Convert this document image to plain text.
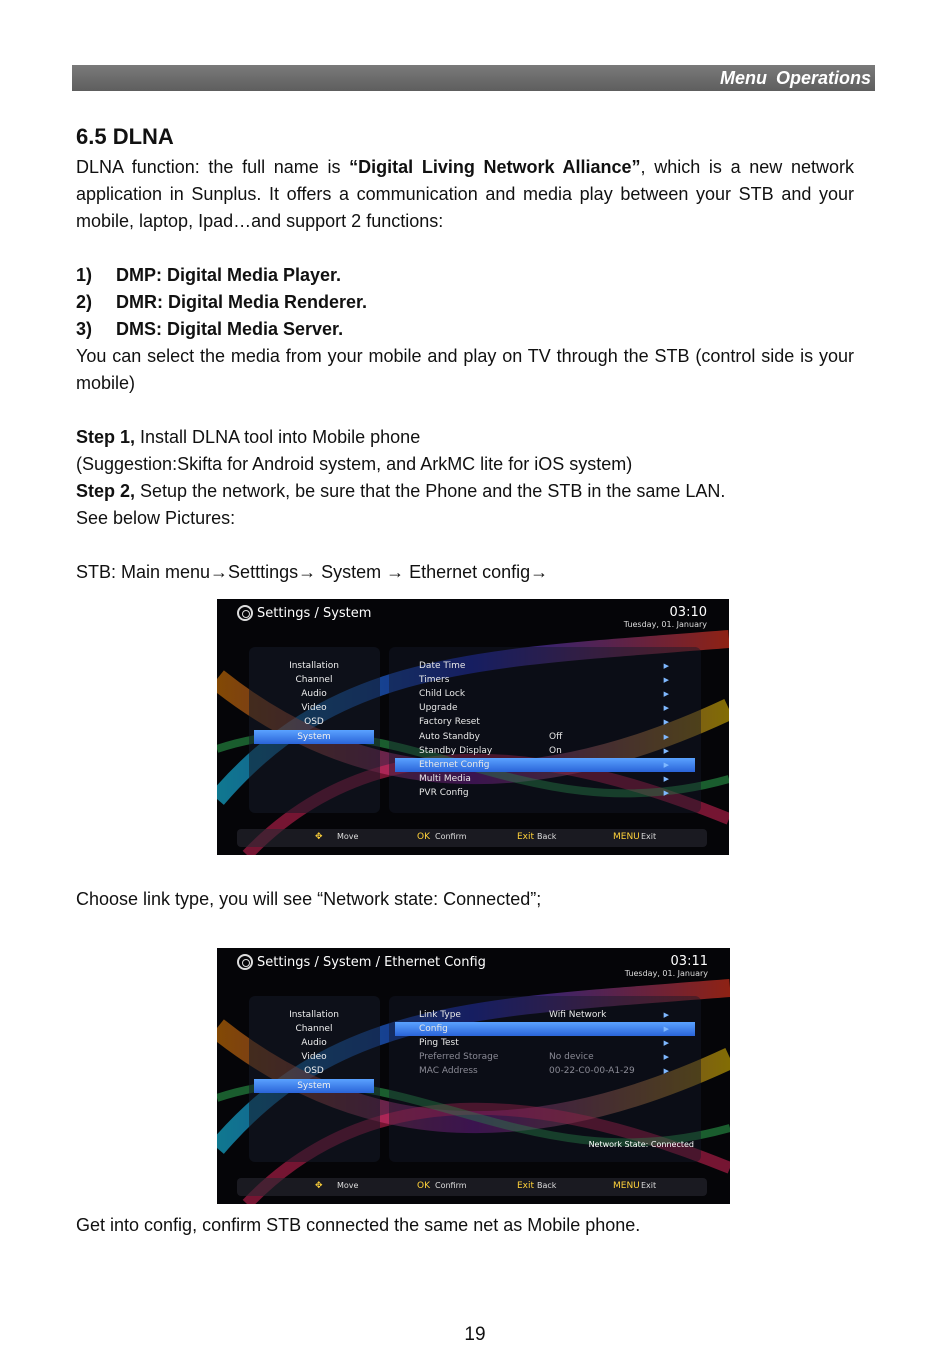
Menu Operations
6.5 DLNA

DLNA function: the full name is “Digital Living Network Alliance”, which is a new network application in Sunplus. It offers a communication and media play between your STB and your mobile, laptop, Ipad…and support 2 functions:

1)	DMP: Digital Media Player.
2)	DMR: Digital Media Renderer.
3)	DMS: Digital Media Server.

You can select the media from your mobile and play on TV through the STB (control side is your mobile)

Step 1, Install DLNA tool into Mobile phone

(Suggestion:Skifta for Android system, and ArkMC lite for iOS system)

Step 2, Setup the network, be sure that the Phone and the STB in the same LAN.

See below Pictures:

STB: Main menu→Setttings→ System → Ethernet config→

Settings / System	03:10
Tuesday, 01. January
Installation
Channel
Audio
Video
OSD
System
Date Time	▶
Timers	▶
Child Lock	▶
Upgrade	▶
Factory Reset	▶
Auto Standby	Off	▶
Standby Display	On	▶
Ethernet Config	▶
Multi Media	▶
PVR Config	▶
✥ Move	OK Confirm	Exit Back	MENU Exit

Choose link type, you will see “Network state: Connected”;

Settings / System / Ethernet Config	03:11
Tuesday, 01. January
Installation
Channel
Audio
Video
OSD
System
Link Type	Wifi Network	▶
Config	▶
Ping Test	▶
Preferred Storage	No device	▶
MAC Address	00-22-C0-00-A1-29	▶
Network State: Connected
✥ Move	OK Confirm	Exit Back	MENU Exit

Get into config, confirm STB connected the same net as Mobile phone.

19
